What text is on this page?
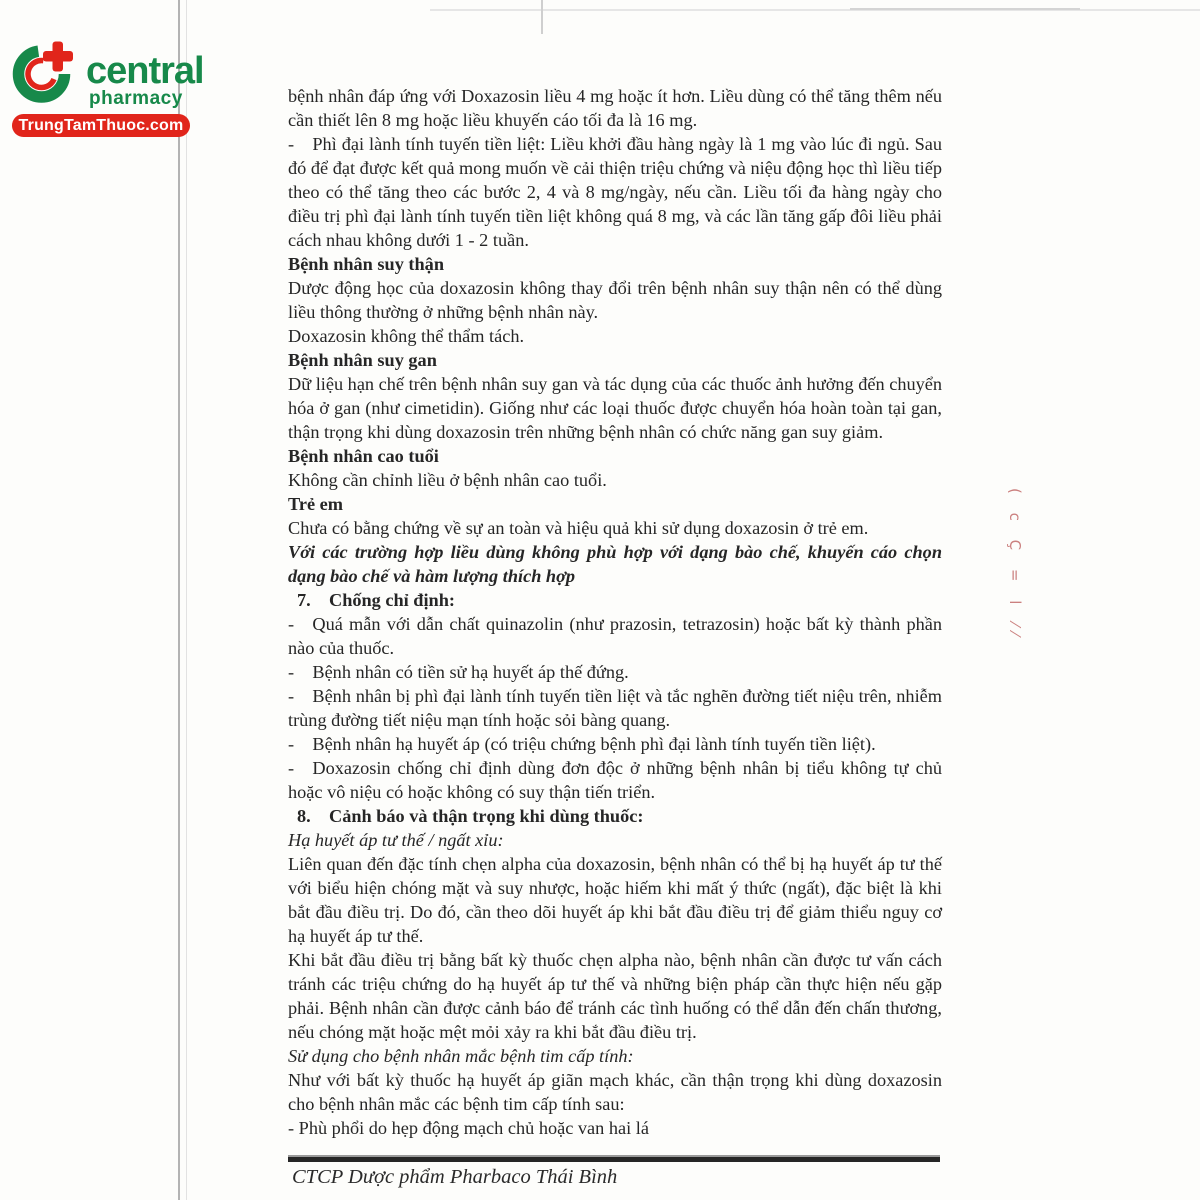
central
pharmacy
TrungTamThuoc.com

bệnh nhân đáp ứng với Doxazosin liều 4 mg hoặc ít hơn. Liều dùng có thể tăng thêm nếu cần thiết lên 8 mg hoặc liều khuyến cáo tối đa là 16 mg.

-  Phì đại lành tính tuyến tiền liệt: Liều khởi đầu hàng ngày là 1 mg vào lúc đi ngủ. Sau đó để đạt được kết quả mong muốn về cải thiện triệu chứng và niệu động học thì liều tiếp theo có thể tăng theo các bước 2, 4 và 8 mg/ngày, nếu cần. Liều tối đa hàng ngày cho điều trị phì đại lành tính tuyến tiền liệt không quá 8 mg, và các lần tăng gấp đôi liều phải cách nhau không dưới 1 - 2 tuần.

Bệnh nhân suy thận

Dược động học của doxazosin không thay đổi trên bệnh nhân suy thận nên có thể dùng liều thông thường ở những bệnh nhân này.

Doxazosin không thể thẩm tách.

Bệnh nhân suy gan

Dữ liệu hạn chế trên bệnh nhân suy gan và tác dụng của các thuốc ảnh hưởng đến chuyển hóa ở gan (như cimetidin). Giống như các loại thuốc được chuyển hóa hoàn toàn tại gan, thận trọng khi dùng doxazosin trên những bệnh nhân có chức năng gan suy giảm.

Bệnh nhân cao tuổi

Không cần chỉnh liều ở bệnh nhân cao tuổi.

Trẻ em

Chưa có bằng chứng về sự an toàn và hiệu quả khi sử dụng doxazosin ở trẻ em.

Với các trường hợp liều dùng không phù hợp với dạng bào chế, khuyến cáo chọn dạng bào chế và hàm lượng thích hợp

7.  Chống chỉ định:

-  Quá mẫn với dẫn chất quinazolin (như prazosin, tetrazosin) hoặc bất kỳ thành phần nào của thuốc.

-  Bệnh nhân có tiền sử hạ huyết áp thế đứng.

-  Bệnh nhân bị phì đại lành tính tuyến tiền liệt và tắc nghẽn đường tiết niệu trên, nhiễm trùng đường tiết niệu mạn tính hoặc sỏi bàng quang.

-  Bệnh nhân hạ huyết áp (có triệu chứng bệnh phì đại lành tính tuyến tiền liệt).

-  Doxazosin chống chỉ định dùng đơn độc ở những bệnh nhân bị tiểu không tự chủ hoặc vô niệu có hoặc không có suy thận tiến triển.

8.  Cảnh báo và thận trọng khi dùng thuốc:

Hạ huyết áp tư thế / ngất xỉu:

Liên quan đến đặc tính chẹn alpha của doxazosin, bệnh nhân có thể bị hạ huyết áp tư thế với biểu hiện chóng mặt và suy nhược, hoặc hiếm khi mất ý thức (ngất), đặc biệt là khi bắt đầu điều trị. Do đó, cần theo dõi huyết áp khi bắt đầu điều trị để giảm thiểu nguy cơ hạ huyết áp tư thế.

Khi bắt đầu điều trị bằng bất kỳ thuốc chẹn alpha nào, bệnh nhân cần được tư vấn cách tránh các triệu chứng do hạ huyết áp tư thế và những biện pháp cần thực hiện nếu gặp phải. Bệnh nhân cần được cảnh báo để tránh các tình huống có thể dẫn đến chấn thương, nếu chóng mặt hoặc mệt mỏi xảy ra khi bắt đầu điều trị.

Sử dụng cho bệnh nhân mắc bệnh tim cấp tính:

Như với bất kỳ thuốc hạ huyết áp giãn mạch khác, cần thận trọng khi dùng doxazosin cho bệnh nhân mắc các bệnh tim cấp tính sau:

- Phù phổi do hẹp động mạch chủ hoặc van hai lá

( c Ç = l ⁄⁄
CTCP Dược phẩm Pharbaco Thái Bình
